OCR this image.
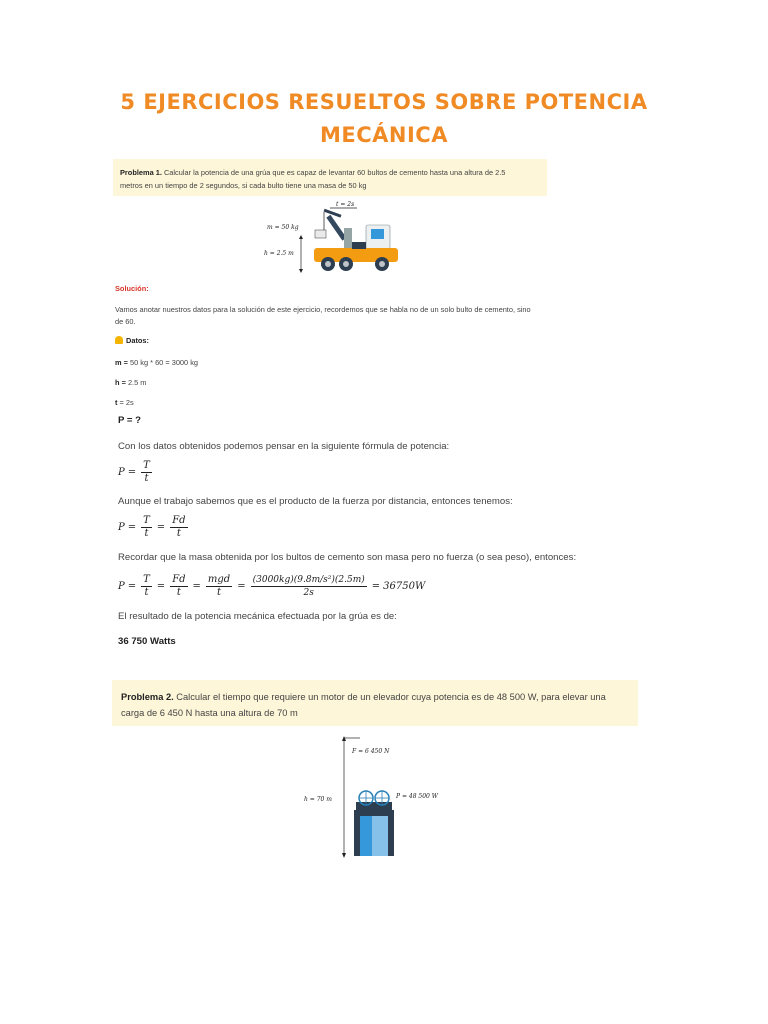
5 EJERCICIOS RESUELTOS SOBRE POTENCIA
MECÁNICA
Problema 1. Calcular la potencia de una grúa que es capaz de levantar 60 bultos de cemento hasta una altura de 2.5
metros en un tiempo de 2 segundos, si cada bulto tiene una masa de 50 kg
t = 2s
m = 50 kg
h = 2.5 m
Solución:
Vamos anotar nuestros datos para la solución de este ejercicio, recordemos que se habla no de un solo bulto de cemento, sino
de 60.
Datos:
m = 50 kg * 60 = 3000 kg
h = 2.5 m
t = 2s
P = ?
Con los datos obtenidos podemos pensar en la siguiente fórmula de potencia:
$P = \frac{T}{t}$
Aunque el trabajo sabemos que es el producto de la fuerza por distancia, entonces tenemos:
$P = \frac{T}{t} = \frac{Fd}{t}$
Recordar que la masa obtenida por los bultos de cemento son masa pero no fuerza (o sea peso), entonces:
$P = \frac{T}{t} = \frac{Fd}{t} = \frac{\text{mgd}}{t} = \frac{\text{(3000kg)(9.8m/s²)(2.5m)}}{2s} = 36750W$
El resultado de la potencia mecánica efectuada por la grúa es de:
36 750 Watts
Problema 2. Calcular el tiempo que requiere un motor de un elevador cuya potencia es de 48 500 W, para elevar una
carga de 6 450 N hasta una altura de 70 m
F = 6 450 N
P = 48 500 W
h = 70 m
